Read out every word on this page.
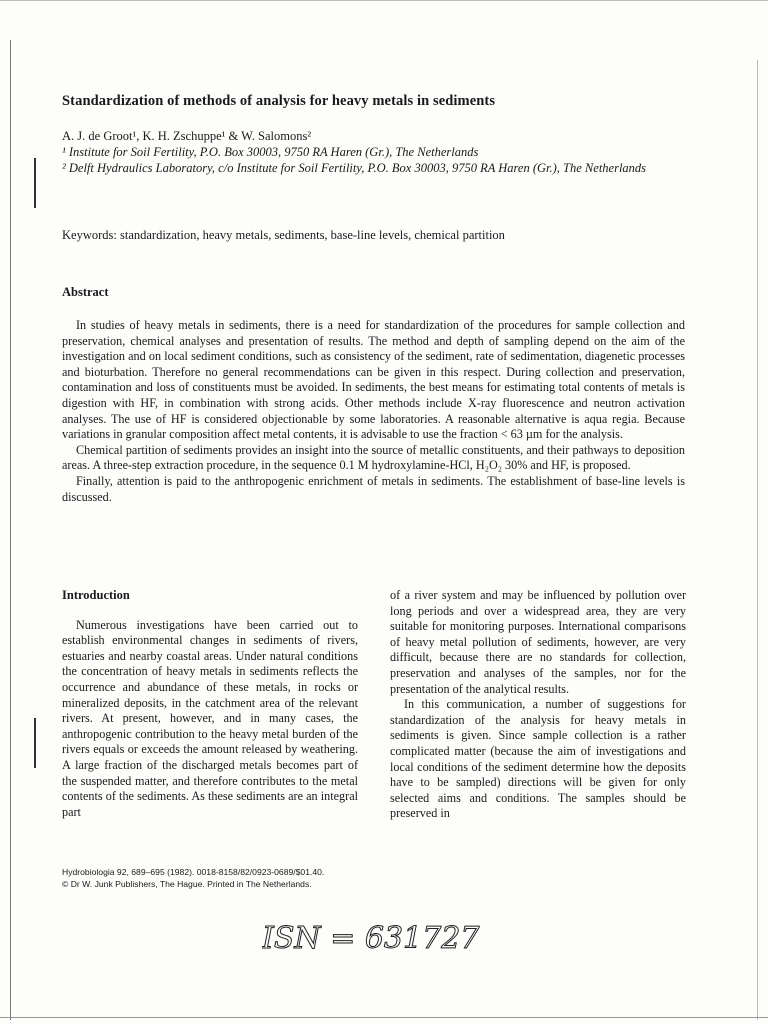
Standardization of methods of analysis for heavy metals in sediments
A. J. de Groot¹, K. H. Zschuppe¹ & W. Salomons²
¹ Institute for Soil Fertility, P.O. Box 30003, 9750 RA Haren (Gr.), The Netherlands
² Delft Hydraulics Laboratory, c/o Institute for Soil Fertility, P.O. Box 30003, 9750 RA Haren (Gr.), The Netherlands
Keywords: standardization, heavy metals, sediments, base-line levels, chemical partition
Abstract

In studies of heavy metals in sediments, there is a need for standardization of the procedures for sample collection and preservation, chemical analyses and presentation of results. The method and depth of sampling depend on the aim of the investigation and on local sediment conditions, such as consistency of the sediment, rate of sedimentation, diagenetic processes and bioturbation. Therefore no general recommendations can be given in this respect. During collection and preservation, contamination and loss of constituents must be avoided. In sediments, the best means for estimating total contents of metals is digestion with HF, in combination with strong acids. Other methods include X-ray fluorescence and neutron activation analyses. The use of HF is considered objectionable by some laboratories. A reasonable alternative is aqua regia. Because variations in granular composition affect metal contents, it is advisable to use the fraction < 63 µm for the analysis.

Chemical partition of sediments provides an insight into the source of metallic constituents, and their pathways to deposition areas. A three-step extraction procedure, in the sequence 0.1 M hydroxylamine-HCl, H₂O₂ 30% and HF, is proposed.

Finally, attention is paid to the anthropogenic enrichment of metals in sediments. The establishment of base-line levels is discussed.

Introduction

Numerous investigations have been carried out to establish environmental changes in sediments of rivers, estuaries and nearby coastal areas. Under natural conditions the concentration of heavy metals in sediments reflects the occurrence and abundance of these metals, in rocks or mineralized deposits, in the catchment area of the relevant rivers. At present, however, and in many cases, the anthropogenic contribution to the heavy metal burden of the rivers equals or exceeds the amount released by weathering. A large fraction of the discharged metals becomes part of the suspended matter, and therefore contributes to the metal contents of the sediments. As these sediments are an integral part

of a river system and may be influenced by pollution over long periods and over a widespread area, they are very suitable for monitoring purposes. International comparisons of heavy metal pollution of sediments, however, are very difficult, because there are no standards for collection, preservation and analyses of the samples, nor for the presentation of the analytical results.

In this communication, a number of suggestions for standardization of the analysis for heavy metals in sediments is given. Since sample collection is a rather complicated matter (because the aim of investigations and local conditions of the sediment determine how the deposits have to be sampled) directions will be given for only selected aims and conditions. The samples should be preserved in

Hydrobiologia 92, 689–695 (1982). 0018-8158/82/0923-0689/$01.40.
© Dr W. Junk Publishers, The Hague. Printed in The Netherlands.
ISN = 631727
